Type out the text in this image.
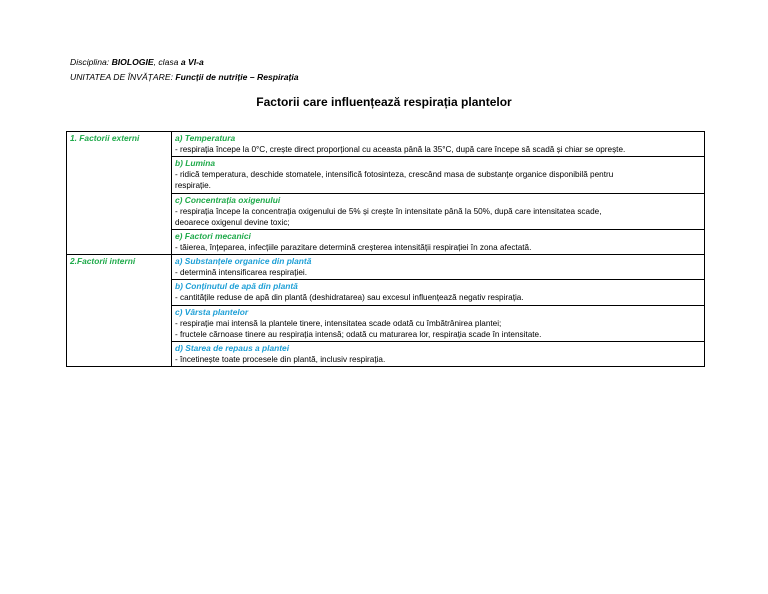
Disciplina: BIOLOGIE, clasa a VI-a
UNITATEA DE ÎNVĂȚARE: Funcții de nutriție – Respirația
Factorii care influențează respirația plantelor
1. Factorii externi
		a) Temperatura
- respirația începe la 0°C, crește direct proporțional cu aceasta până la 35°C, după care începe să scadă și chiar se oprește.

b) Lumina
- ridică temperatura, deschide stomatele, intensifică fotosinteza, crescând masa de substanțe organice disponibilă pentru
respirație.

c) Concentrația oxigenului
- respirația începe la concentrația oxigenului de 5% și crește în intensitate până la 50%, după care intensitatea scade,
deoarece oxigenul devine toxic;

e) Factori mecanici
- tăierea, înțeparea, infecțiile parazitare determină creșterea intensității respirației în zona afectată.

2.Factorii interni
		a) Substanțele organice din plantă
- determină intensificarea respirației.

b) Conținutul de apă din plantă
- cantitățile reduse de apă din plantă (deshidratarea) sau excesul influențează negativ respirația.

c) Vârsta plantelor
- respirație mai intensă la plantele tinere, intensitatea scade odată cu îmbătrânirea plantei;
- fructele cărnoase tinere au respirația intensă; odată cu maturarea lor, respirația scade în intensitate.

d) Starea de repaus a plantei
- încetinește toate procesele din plantă, inclusiv respirația.
